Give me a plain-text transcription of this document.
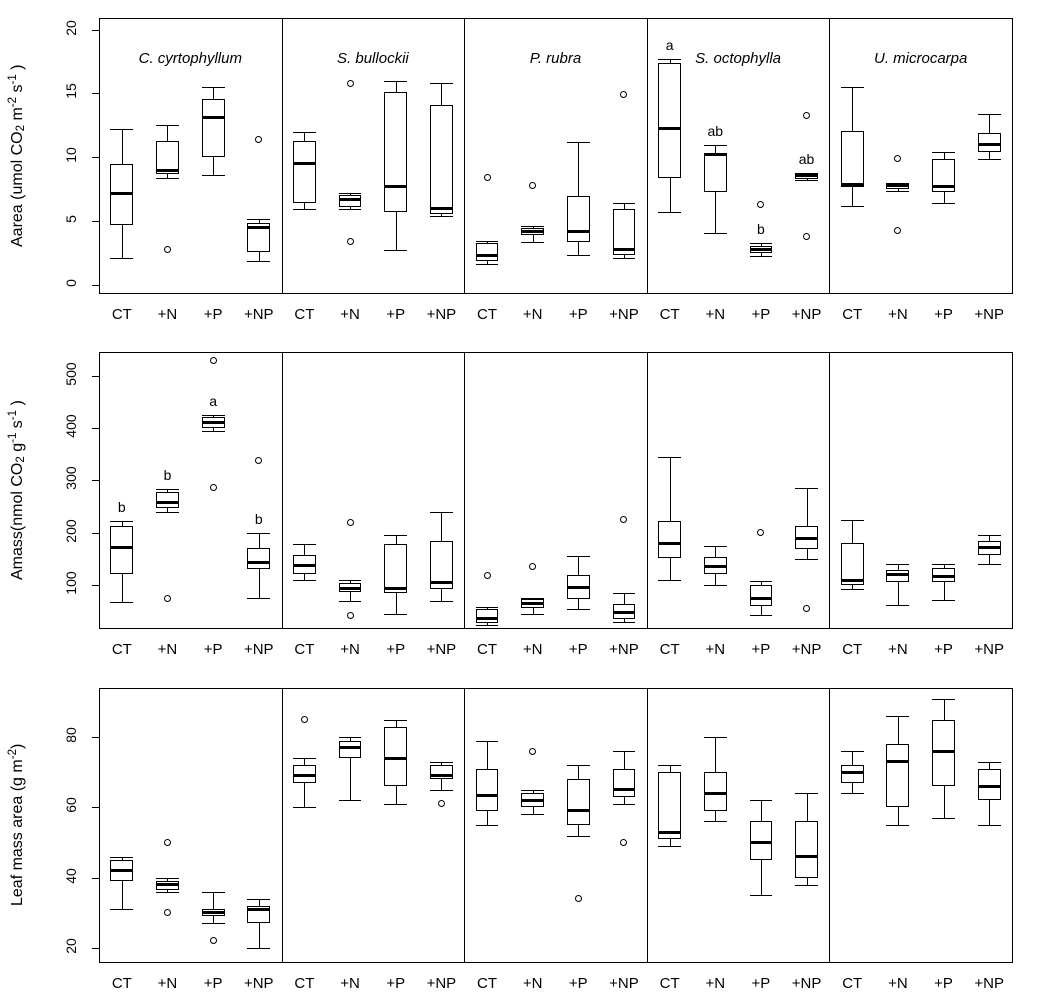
0
5
10
15
20
Aarea (umol $CO_2$ $m^{-2}$ $s^{-1}$ )
C. cyrtophyllum	S. bullockii	P. rubra	S. octophylla	U. microcarpa
a
ab
b
ab
CT	+N	+P	+NP	CT	+N	+P	+NP	CT	+N	+P	+NP	CT	+N	+P	+NP	CT	+N	+P	+NP
100
200
300
400
500
Amass(nmol $CO_2$ $g^{-1}$ $s^{-1}$ )
b
b
a
b
CT	+N	+P	+NP	CT	+N	+P	+NP	CT	+N	+P	+NP	CT	+N	+P	+NP	CT	+N	+P	+NP
20
40
60
80
Leaf mass area (g $m^{-2}$)
CT	+N	+P	+NP	CT	+N	+P	+NP	CT	+N	+P	+NP	CT	+N	+P	+NP	CT	+N	+P	+NP
